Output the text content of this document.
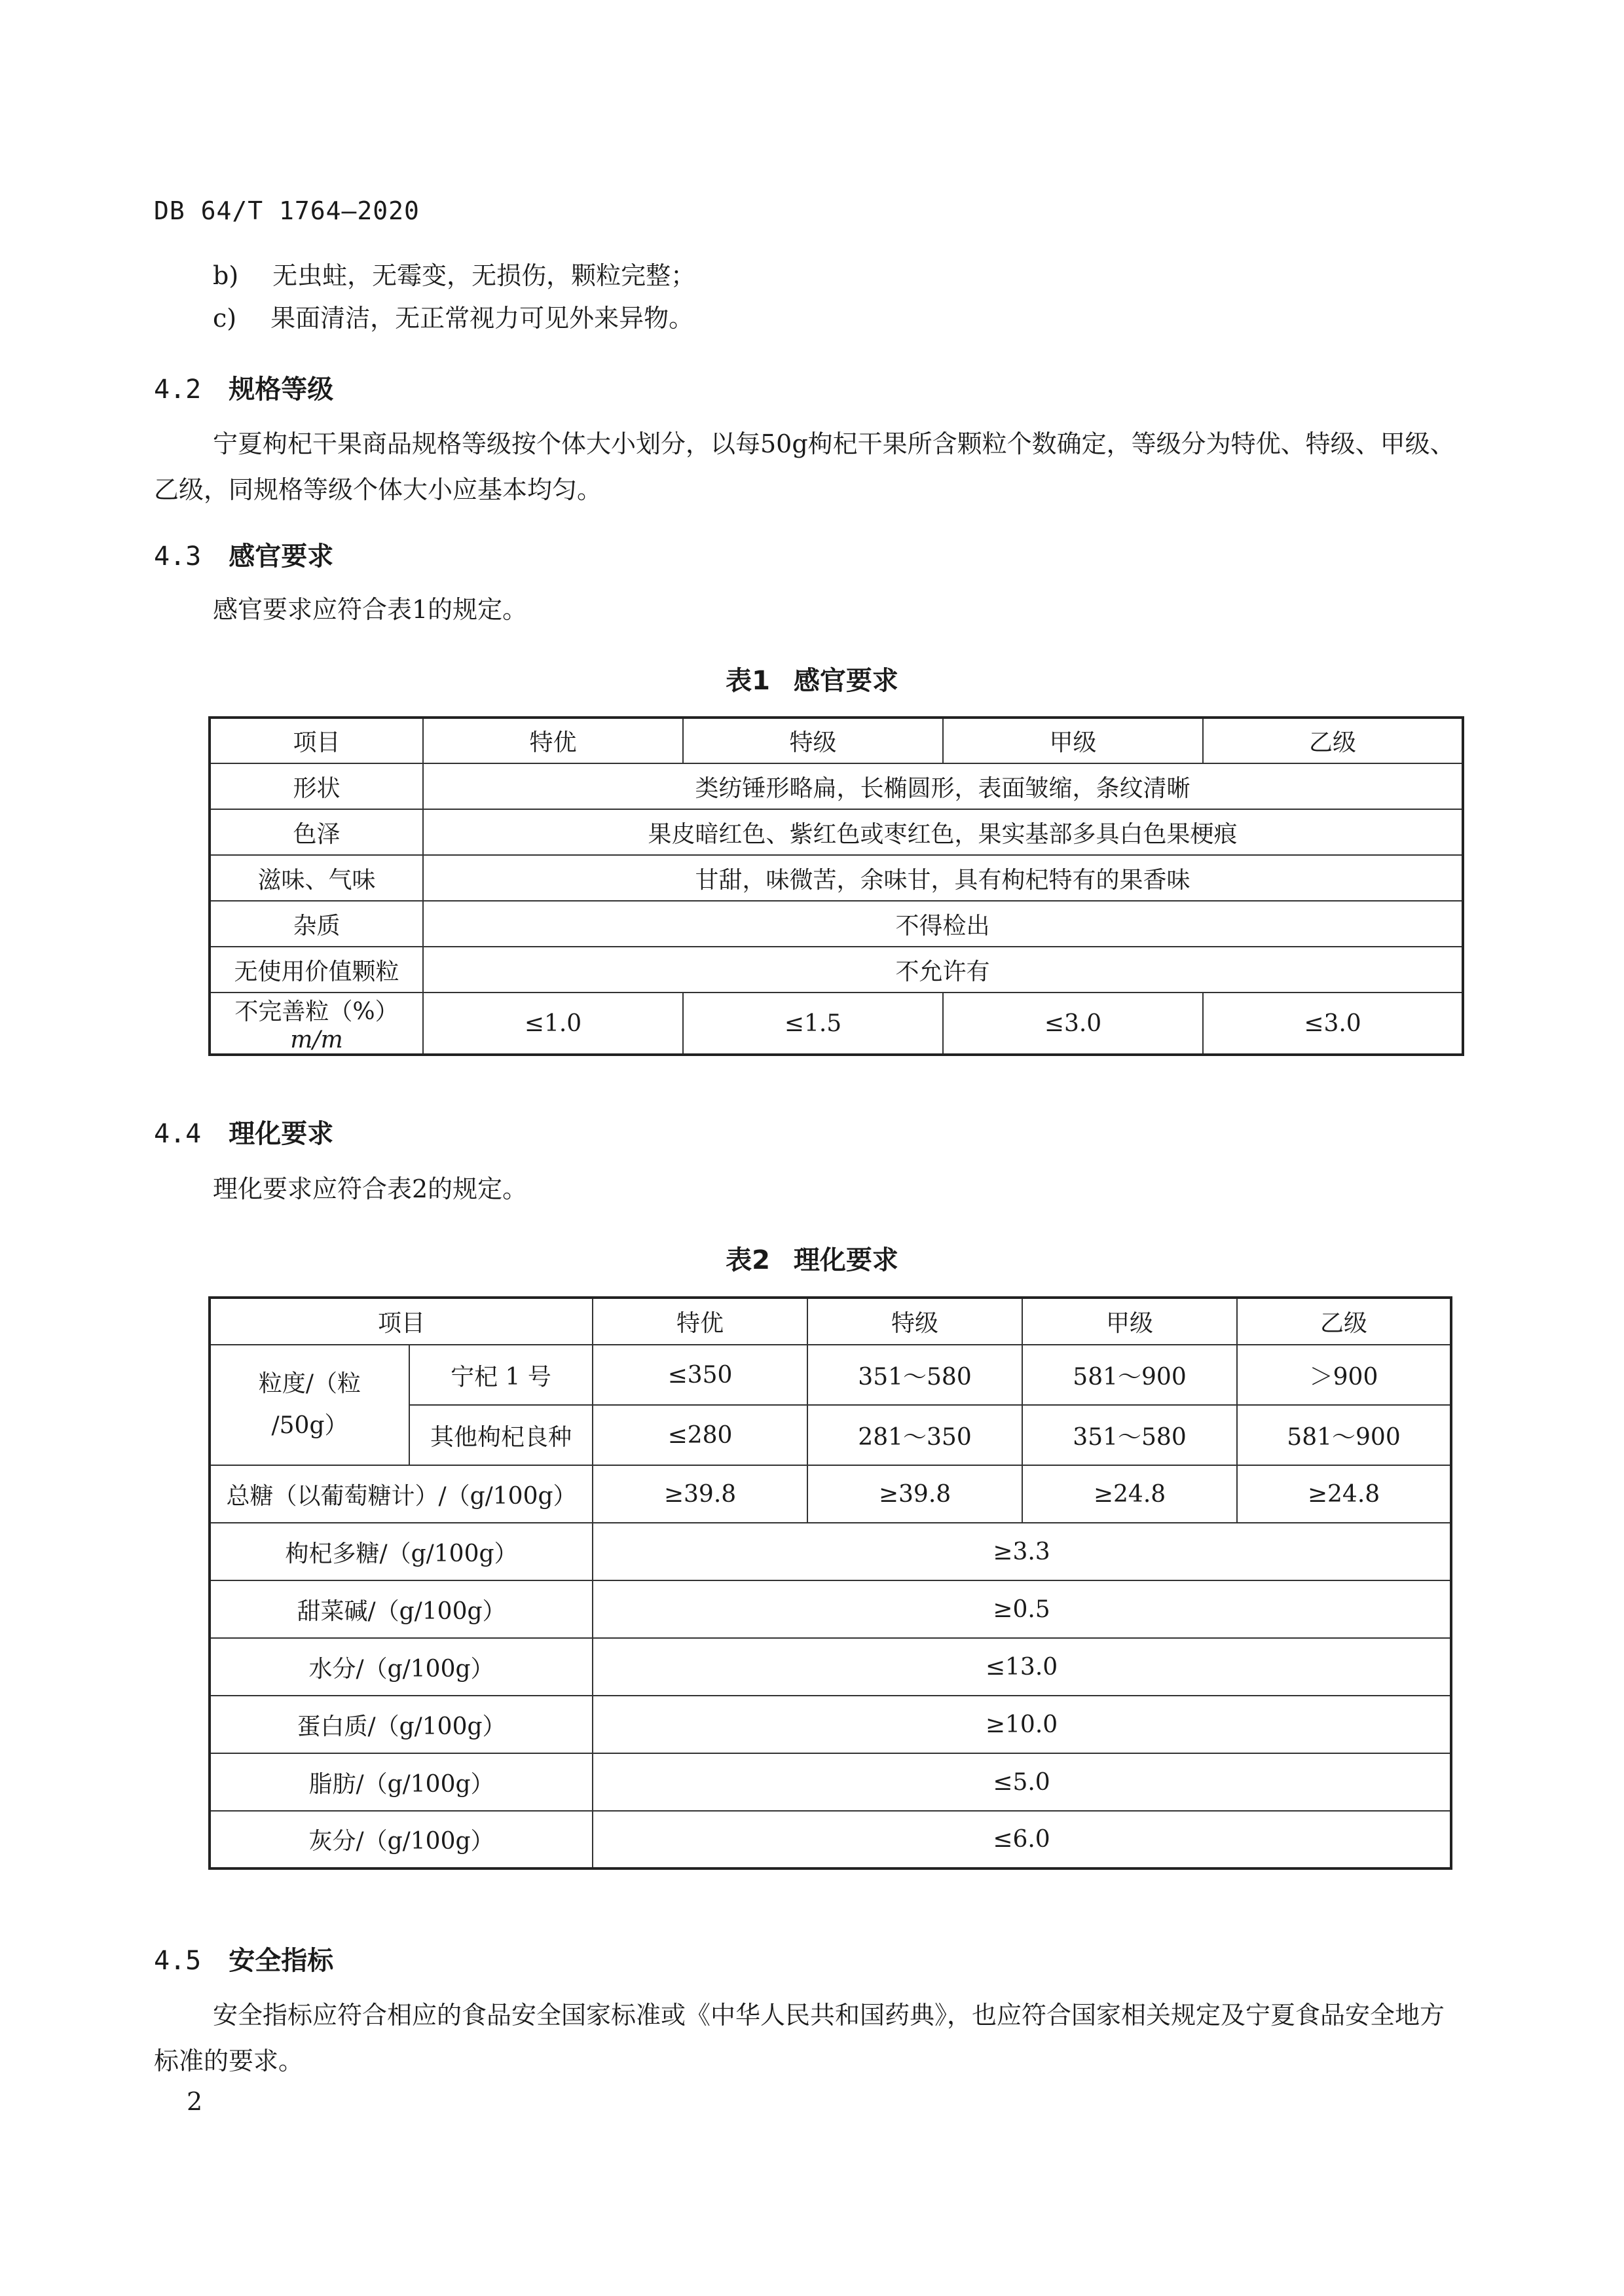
DB 64/T 1764—2020
b) 无虫蛀，无霉变，无损伤，颗粒完整；
c) 果面清洁，无正常视力可见外来异物。
4.2 规格等级
宁夏枸杞干果商品规格等级按个体大小划分，以每50g枸杞干果所含颗粒个数确定，等级分为特优、特级、甲级、乙级，同规格等级个体大小应基本均匀。
4.3 感官要求
感官要求应符合表1的规定。
表1 感官要求
项目	特优	特级	甲级	乙级
形状	类纺锤形略扁，长椭圆形，表面皱缩，条纹清晰			
色泽	果皮暗红色、紫红色或枣红色，果实基部多具白色果梗痕			
滋味、气味	甘甜，味微苦，余味甘，具有枸杞特有的果香味			
杂质	不得检出			
无使用价值颗粒	不允许有			
不完善粒（%）m/m	≤1.0	≤1.5	≤3.0	≤3.0
4.4 理化要求
理化要求应符合表2的规定。
表2 理化要求
项目		特优	特级	甲级	乙级
粒度/（粒
/50g）	宁杞 1 号	≤350	351～580	581～900	＞900
	其他枸杞良种	≤280	281～350	351～580	581～900
总糖（以葡萄糖计）/（g/100g）		≥39.8	≥39.8	≥24.8	≥24.8
枸杞多糖/（g/100g）		≥3.3			
甜菜碱/（g/100g）		≥0.5			
水分/（g/100g）		≤13.0			
蛋白质/（g/100g）		≥10.0			
脂肪/（g/100g）		≤5.0			
灰分/（g/100g）		≤6.0			
4.5 安全指标
安全指标应符合相应的食品安全国家标准或《中华人民共和国药典》，也应符合国家相关规定及宁夏食品安全地方标准的要求。
2
